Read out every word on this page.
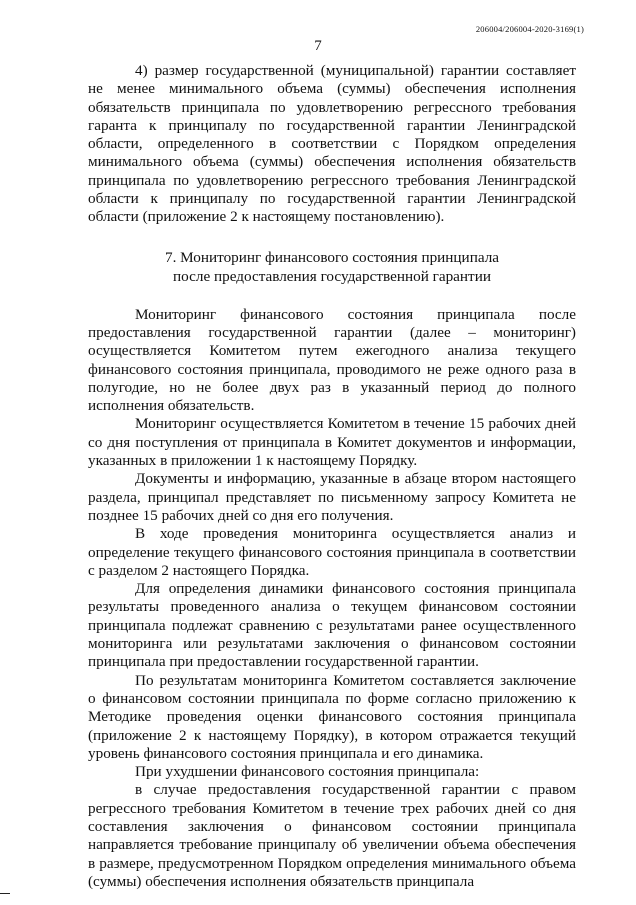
206004/206004-2020-3169(1)
7

4) размер государственной (муниципальной) гарантии составляет не менее минимального объема (суммы) обеспечения исполнения обязательств принципала по удовлетворению регрессного требования гаранта к принципалу по государственной гарантии Ленинградской области, определенного в соответствии с Порядком определения минимального объема (суммы) обеспечения исполнения обязательств принципала по удовлетворению регрессного требования Ленинградской области к принципалу по государственной гарантии Ленинградской области (приложение 2 к настоящему постановлению).

7. Мониторинг финансового состояния принципала
после предоставления государственной гарантии

Мониторинг финансового состояния принципала после предоставления государственной гарантии (далее – мониторинг) осуществляется Комитетом путем ежегодного анализа текущего финансового состояния принципала, проводимого не реже одного раза в полугодие, но не более двух раз в указанный период до полного исполнения обязательств.

Мониторинг осуществляется Комитетом в течение 15 рабочих дней со дня поступления от принципала в Комитет документов и информации, указанных в приложении 1 к настоящему Порядку.

Документы и информацию, указанные в абзаце втором настоящего раздела, принципал представляет по письменному запросу Комитета не позднее 15 рабочих дней со дня его получения.

В ходе проведения мониторинга осуществляется анализ и определение текущего финансового состояния принципала в соответствии с разделом 2 настоящего Порядка.

Для определения динамики финансового состояния принципала результаты проведенного анализа о текущем финансовом состоянии принципала подлежат сравнению с результатами ранее осуществленного мониторинга или результатами заключения о финансовом состоянии принципала при предоставлении государственной гарантии.

По результатам мониторинга Комитетом составляется заключение о финансовом состоянии принципала по форме согласно приложению к Методике проведения оценки финансового состояния принципала (приложение 2 к настоящему Порядку), в котором отражается текущий уровень финансового состояния принципала и его динамика.

При ухудшении финансового состояния принципала:

в случае предоставления государственной гарантии с правом регрессного требования Комитетом в течение трех рабочих дней со дня составления заключения о финансовом состоянии принципала направляется требование принципалу об увеличении объема обеспечения в размере, предусмотренном Порядком определения минимального объема (суммы) обеспечения исполнения обязательств принципала
